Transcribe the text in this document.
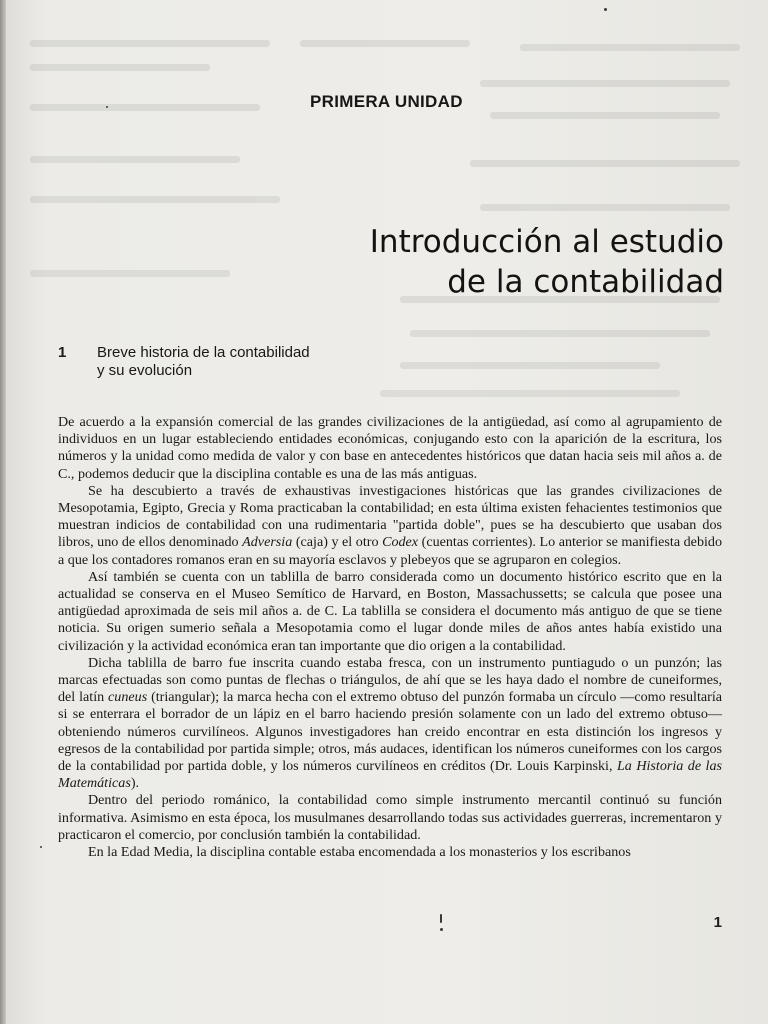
PRIMERA UNIDAD
Introducción al estudio
de la contabilidad
1 Breve historia de la contabilidad
y su evolución

De acuerdo a la expansión comercial de las grandes civilizaciones de la antigüedad, así como al agrupamiento de individuos en un lugar estableciendo entidades económicas, conjugando esto con la aparición de la escritura, los números y la unidad como medida de valor y con base en antecedentes históricos que datan hacia seis mil años a. de C., podemos deducir que la disciplina contable es una de las más antiguas.

Se ha descubierto a través de exhaustivas investigaciones históricas que las grandes civilizaciones de Mesopotamia, Egipto, Grecia y Roma practicaban la contabilidad; en esta última existen fehacientes testimonios que muestran indicios de contabilidad con una rudimentaria "partida doble", pues se ha descubierto que usaban dos libros, uno de ellos denominado Adversia (caja) y el otro Codex (cuentas corrientes). Lo anterior se manifiesta debido a que los contadores romanos eran en su mayoría esclavos y plebeyos que se agruparon en colegios.

Así también se cuenta con un tablilla de barro considerada como un documento histórico escrito que en la actualidad se conserva en el Museo Semítico de Harvard, en Boston, Massachussetts; se calcula que posee una antigüedad aproximada de seis mil años a. de C. La tablilla se considera el documento más antiguo de que se tiene noticia. Su origen sumerio señala a Mesopotamia como el lugar donde miles de años antes había existido una civilización y la actividad económica eran tan importante que dio origen a la contabilidad.

Dicha tablilla de barro fue inscrita cuando estaba fresca, con un instrumento puntiagudo o un punzón; las marcas efectuadas son como puntas de flechas o triángulos, de ahí que se les haya dado el nombre de cuneiformes, del latín cuneus (triangular); la marca hecha con el extremo obtuso del punzón formaba un círculo —como resultaría si se enterrara el borrador de un lápiz en el barro haciendo presión solamente con un lado del extremo obtuso— obteniendo números curvilíneos. Algunos investigadores han creido encontrar en esta distinción los ingresos y egresos de la contabilidad por partida simple; otros, más audaces, identifican los números cuneiformes con los cargos de la contabilidad por partida doble, y los números curvilíneos en créditos (Dr. Louis Karpinski, La Historia de las Matemáticas).

Dentro del periodo románico, la contabilidad como simple instrumento mercantil continuó su función informativa. Asimismo en esta época, los musulmanes desarrollando todas sus actividades guerreras, incrementaron y practicaron el comercio, por conclusión también la contabilidad.

En la Edad Media, la disciplina contable estaba encomendada a los monasterios y los escribanos

1
